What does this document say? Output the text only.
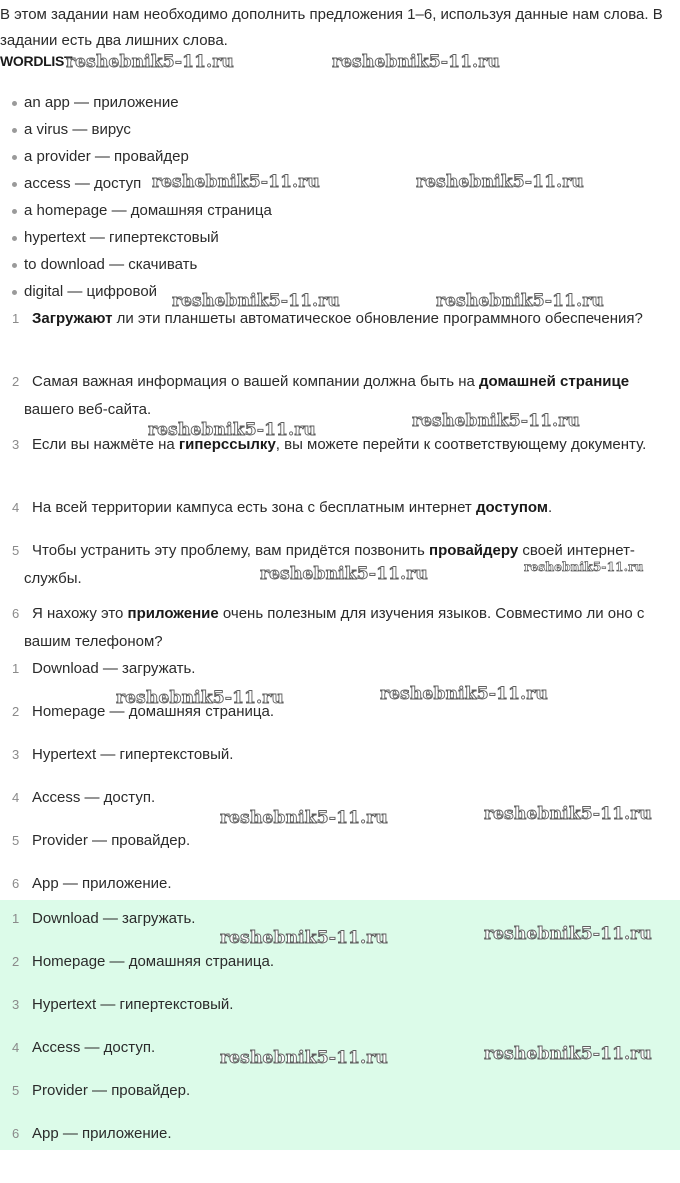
В этом задании нам необходимо дополнить предложения 1–6, используя данные нам слова. В задании есть два лишних слова.

WORDLIST

an app — приложение
a virus — вирус
a provider — провайдер
access — доступ
a homepage — домашняя страница
hypertext — гипертекстовый
to download — скачивать
digital — цифровой
1 Загружают ли эти планшеты автоматическое обновление программного обеспечения?
2 Самая важная информация о вашей компании должна быть на домашней странице вашего веб-сайта.
3 Если вы нажмёте на гиперссылку, вы можете перейти к соответствующему документу.
4 На всей территории кампуса есть зона с бесплатным интернет доступом.
5 Чтобы устранить эту проблему, вам придётся позвонить провайдеру своей интернет-службы.
6 Я нахожу это приложение очень полезным для изучения языков. Совместимо ли оно с вашим телефоном?
1 Download — загружать.
2 Homepage — домашняя страница.
3 Hypertext — гипертекстовый.
4 Access — доступ.
5 Provider — провайдер.
6 App — приложение.
1 Download — загружать.
2 Homepage — домашняя страница.
3 Hypertext — гипертекстовый.
4 Access — доступ.
5 Provider — провайдер.
6 App — приложение.
reshebnik5-11.ru	reshebnik5-11.ru
reshebnik5-11.ru	reshebnik5-11.ru
reshebnik5-11.ru	reshebnik5-11.ru
reshebnik5-11.ru	reshebnik5-11.ru
reshebnik5-11.ru	reshebnik5-11.ru
reshebnik5-11.ru	reshebnik5-11.ru
reshebnik5-11.ru	reshebnik5-11.ru
reshebnik5-11.ru	reshebnik5-11.ru
reshebnik5-11.ru	reshebnik5-11.ru
